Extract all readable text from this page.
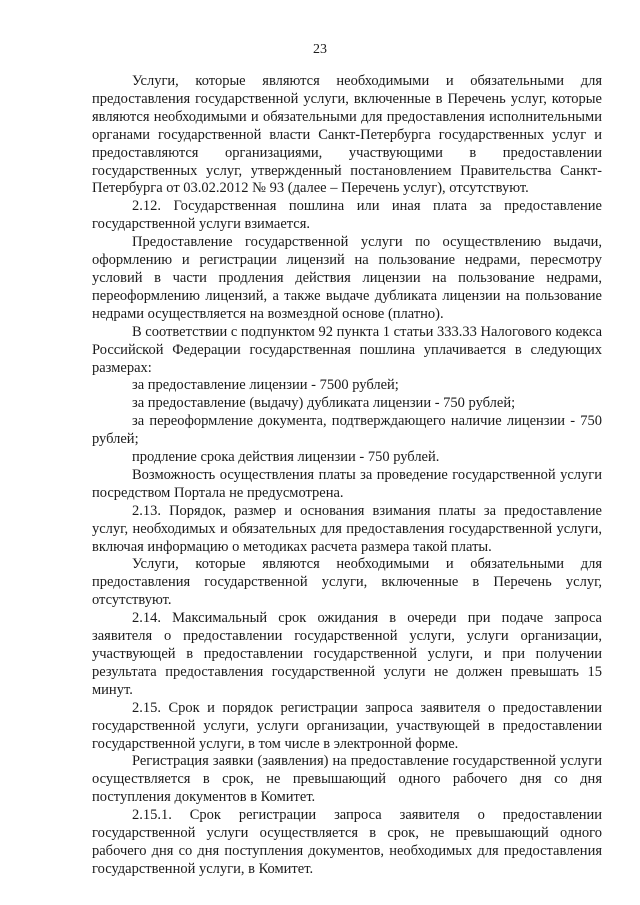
23

Услуги, которые являются необходимыми и обязательными для предоставления государственной услуги, включенные в Перечень услуг, которые являются необходимыми и обязательными для предоставления исполнительными органами государственной власти Санкт-Петербурга государственных услуг и предоставляются организациями, участвующими в предоставлении государственных услуг, утвержденный постановлением Правительства Санкт-Петербурга от 03.02.2012 № 93 (далее – Перечень услуг), отсутствуют.

2.12. Государственная пошлина или иная плата за предоставление государственной услуги взимается.

Предоставление государственной услуги по осуществлению выдачи, оформлению и регистрации лицензий на пользование недрами, пересмотру условий в части продления действия лицензии на пользование недрами, переоформлению лицензий, а также выдаче дубликата лицензии на пользование недрами осуществляется на возмездной основе (платно).

В соответствии с подпунктом 92 пункта 1 статьи 333.33 Налогового кодекса Российской Федерации государственная пошлина уплачивается в следующих размерах:

за предоставление лицензии - 7500 рублей;

за предоставление (выдачу) дубликата лицензии - 750 рублей;

за переоформление документа, подтверждающего наличие лицензии - 750 рублей;

продление срока действия лицензии - 750 рублей.

Возможность осуществления платы за проведение государственной услуги посредством Портала не предусмотрена.

2.13. Порядок, размер и основания взимания платы за предоставление услуг, необходимых и обязательных для предоставления государственной услуги, включая информацию о методиках расчета размера такой платы.

Услуги, которые являются необходимыми и обязательными для предоставления государственной услуги, включенные в Перечень услуг, отсутствуют.

2.14. Максимальный срок ожидания в очереди при подаче запроса заявителя о предоставлении государственной услуги, услуги организации, участвующей в предоставлении государственной услуги, и при получении результата предоставления государственной услуги не должен превышать 15 минут.

2.15. Срок и порядок регистрации запроса заявителя о предоставлении государственной услуги, услуги организации, участвующей в предоставлении государственной услуги, в том числе в электронной форме.

Регистрация заявки (заявления) на предоставление государственной услуги осуществляется в срок, не превышающий одного рабочего дня со дня поступления документов в Комитет.

2.15.1. Срок регистрации запроса заявителя о предоставлении государственной услуги осуществляется в срок, не превышающий одного рабочего дня со дня поступления документов, необходимых для предоставления государственной услуги, в Комитет.
